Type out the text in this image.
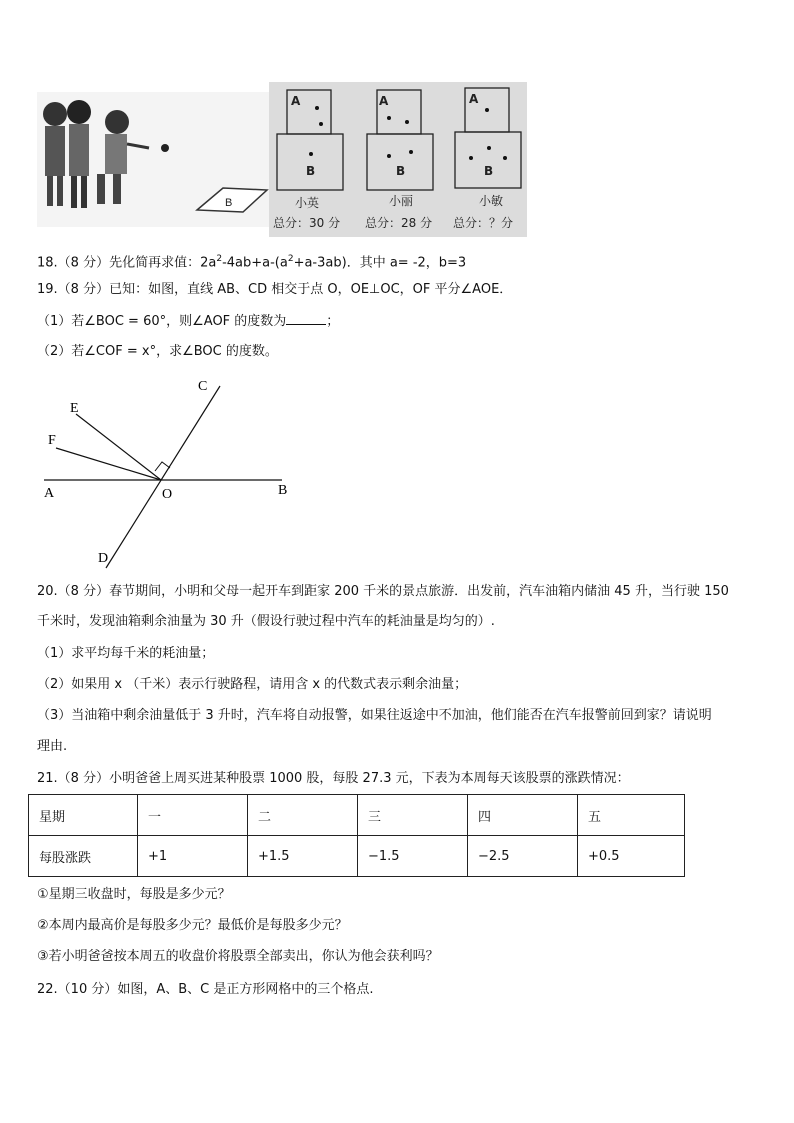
B
A
B
小英
总分：30 分
A
B
小丽
总分：28 分
A
B
小敏
总分：？分
18.（8 分）先化简再求值：$2a^2-4ab+a-(a^2+a-3ab)$．其中 a= -2，b=3
19.（8 分）已知：如图，直线 AB、CD 相交于点 O，OE⊥OC，OF 平分∠AOE．
（1）若∠BOC = 60°，则∠AOF 的度数为	；
（2）若∠COF = x°，求∠BOC 的度数。
A	B
C
D
E
F
O
20.（8 分）春节期间，小明和父母一起开车到距家 200 千米的景点旅游．出发前，汽车油箱内储油 45 升，当行驶 150
千米时，发现油箱剩余油量为 30 升（假设行驶过程中汽车的耗油量是均匀的）.
（1）求平均每千米的耗油量；
（2）如果用 x （千米）表示行驶路程，请用含 x 的代数式表示剩余油量；
（3）当油箱中剩余油量低于 3 升时，汽车将自动报警，如果往返途中不加油，他们能否在汽车报警前回到家？请说明
理由.
21.（8 分）小明爸爸上周买进某种股票 1000 股，每股 27.3 元，下表为本周每天该股票的涨跌情况：
星期	一	二	三	四	五
每股涨跌	+1	+1.5	−1.5	−2.5	+0.5
①星期三收盘时，每股是多少元？
②本周内最高价是每股多少元？最低价是每股多少元？
③若小明爸爸按本周五的收盘价将股票全部卖出，你认为他会获利吗？
22.（10 分）如图，A、B、C 是正方形网格中的三个格点.
